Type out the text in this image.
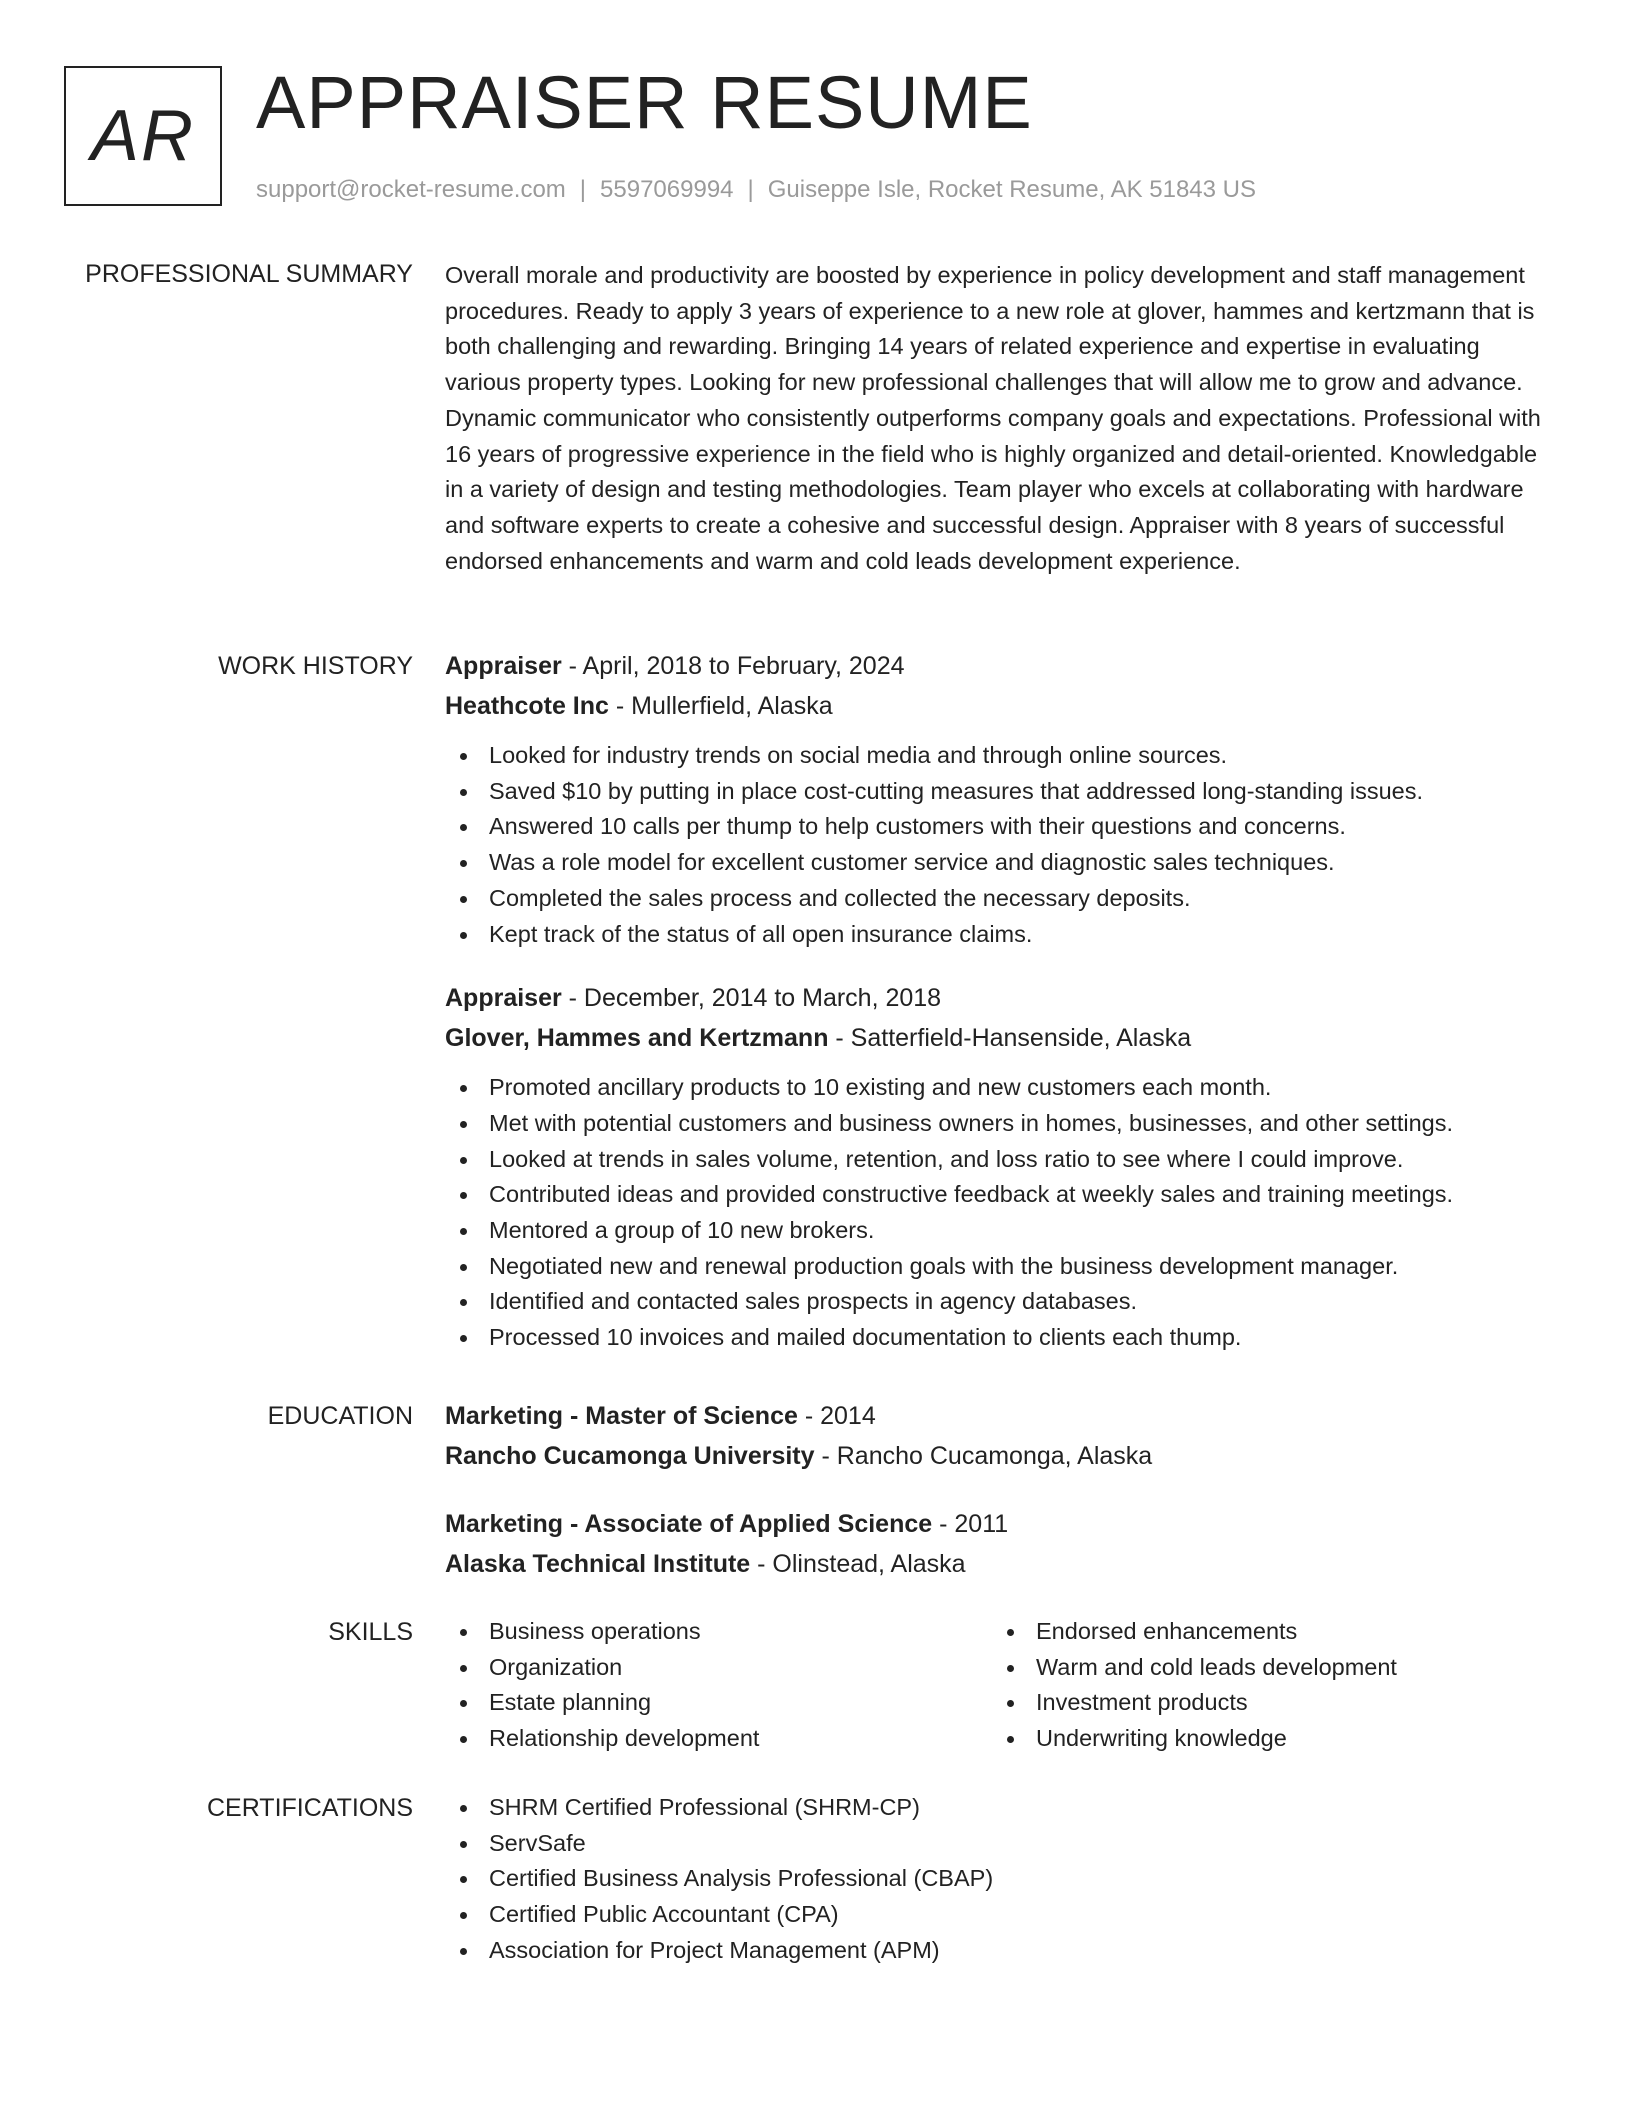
AR APPRAISER RESUME
support@rocket-resume.com | 5597069994 | Guiseppe Isle, Rocket Resume, AK 51843 US
PROFESSIONAL SUMMARY Overall morale and productivity are boosted by experience in policy development and staff management procedures. Ready to apply 3 years of experience to a new role at glover, hammes and kertzmann that is both challenging and rewarding. Bringing 14 years of related experience and expertise in evaluating various property types. Looking for new professional challenges that will allow me to grow and advance. Dynamic communicator who consistently outperforms company goals and expectations. Professional with 16 years of progressive experience in the field who is highly organized and detail-oriented. Knowledgable in a variety of design and testing methodologies. Team player who excels at collaborating with hardware and software experts to create a cohesive and successful design. Appraiser with 8 years of successful endorsed enhancements and warm and cold leads development experience.

WORK HISTORY Appraiser - April, 2018 to February, 2024
Heathcote Inc - Mullerfield, Alaska
Looked for industry trends on social media and through online sources.
Saved $10 by putting in place cost-cutting measures that addressed long-standing issues.
Answered 10 calls per thump to help customers with their questions and concerns.
Was a role model for excellent customer service and diagnostic sales techniques.
Completed the sales process and collected the necessary deposits.
Kept track of the status of all open insurance claims.
Appraiser - December, 2014 to March, 2018
Glover, Hammes and Kertzmann - Satterfield-Hansenside, Alaska
Promoted ancillary products to 10 existing and new customers each month.
Met with potential customers and business owners in homes, businesses, and other settings.
Looked at trends in sales volume, retention, and loss ratio to see where I could improve.
Contributed ideas and provided constructive feedback at weekly sales and training meetings.
Mentored a group of 10 new brokers.
Negotiated new and renewal production goals with the business development manager.
Identified and contacted sales prospects in agency databases.
Processed 10 invoices and mailed documentation to clients each thump.
EDUCATION Marketing - Master of Science - 2014
Rancho Cucamonga University - Rancho Cucamonga, Alaska
Marketing - Associate of Applied Science - 2011
Alaska Technical Institute - Olinstead, Alaska
SKILLS	Business operations
Organization
Estate planning
Relationship development
Endorsed enhancements
Warm and cold leads development
Investment products
Underwriting knowledge
CERTIFICATIONS	SHRM Certified Professional (SHRM-CP)
ServSafe
Certified Business Analysis Professional (CBAP)
Certified Public Accountant (CPA)
Association for Project Management (APM)
